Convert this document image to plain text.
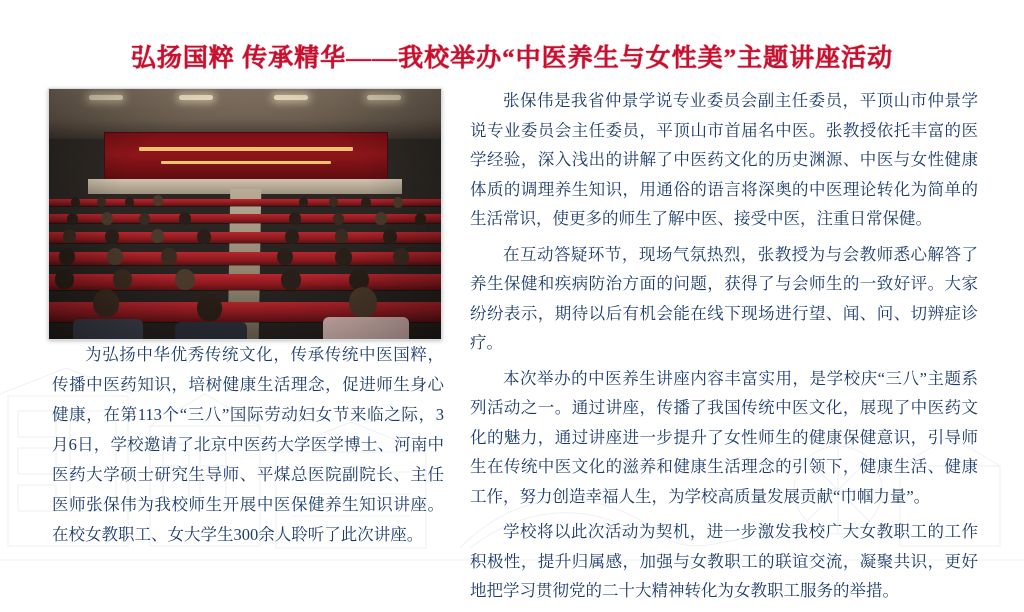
弘扬国粹 传承精华——我校举办“中医养生与女性美”主题讲座活动

为弘扬中华优秀传统文化，传承传统中医国粹，传播中医药知识，培树健康生活理念，促进师生身心健康，在第113个“三八”国际劳动妇女节来临之际，3月6日，学校邀请了北京中医药大学医学博士、河南中医药大学硕士研究生导师、平煤总医院副院长、主任医师张保伟为我校师生开展中医保健养生知识讲座。在校女教职工、女大学生300余人聆听了此次讲座。

张保伟是我省仲景学说专业委员会副主任委员，平顶山市仲景学说专业委员会主任委员，平顶山市首届名中医。张教授依托丰富的医学经验，深入浅出的讲解了中医药文化的历史渊源、中医与女性健康体质的调理养生知识，用通俗的语言将深奥的中医理论转化为简单的生活常识，使更多的师生了解中医、接受中医，注重日常保健。

在互动答疑环节，现场气氛热烈，张教授为与会教师悉心解答了养生保健和疾病防治方面的问题，获得了与会师生的一致好评。大家纷纷表示，期待以后有机会能在线下现场进行望、闻、问、切辨症诊疗。

本次举办的中医养生讲座内容丰富实用，是学校庆“三八”主题系列活动之一。通过讲座，传播了我国传统中医文化，展现了中医药文化的魅力，通过讲座进一步提升了女性师生的健康保健意识，引导师生在传统中医文化的滋养和健康生活理念的引领下，健康生活、健康工作，努力创造幸福人生，为学校高质量发展贡献“巾帼力量”。

学校将以此次活动为契机，进一步激发我校广大女教职工的工作积极性，提升归属感，加强与女教职工的联谊交流，凝聚共识，更好地把学习贯彻党的二十大精神转化为女教职工服务的举措。
